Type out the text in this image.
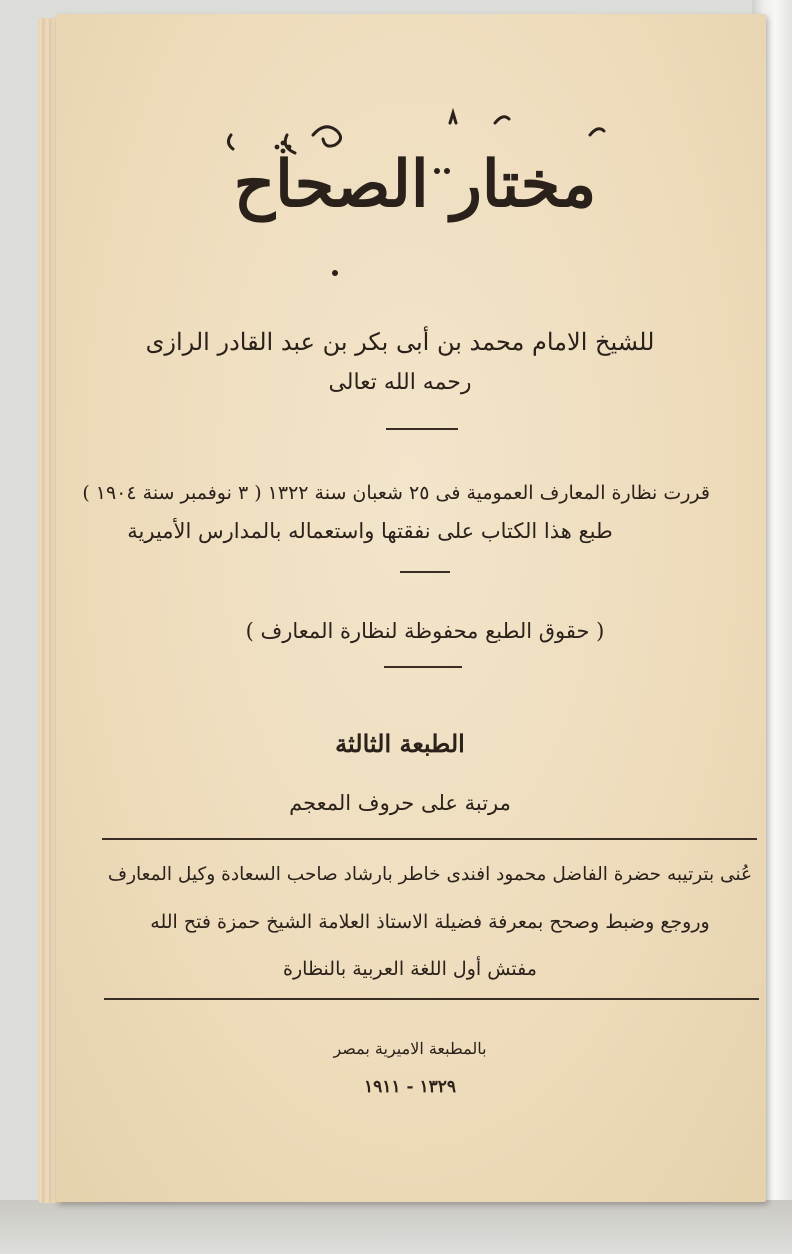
مختار الصحاح
للشيخ الامام محمد بن أبى بكر بن عبد القادر الرازى
رحمه الله تعالى
قررت نظارة المعارف العمومية فى ٢٥ شعبان سنة ١٣٢٢ ( ٣ نوفمبر سنة ١٩٠٤ )
طبع هذا الكتاب على نفقتها واستعماله بالمدارس الأميرية
( حقوق الطبع محفوظة لنظارة المعارف )
الطبعة الثالثة
مرتبة على حروف المعجم
عُنى بترتيبه حضرة الفاضل محمود افندى خاطر بارشاد صاحب السعادة وكيل المعارف
وروجع وضبط وصحح بمعرفة فضيلة الاستاذ العلامة الشيخ حمزة فتح الله
مفتش أول اللغة العربية بالنظارة
بالمطبعة الاميرية بمصر
١٣٢٩ - ١٩١١
